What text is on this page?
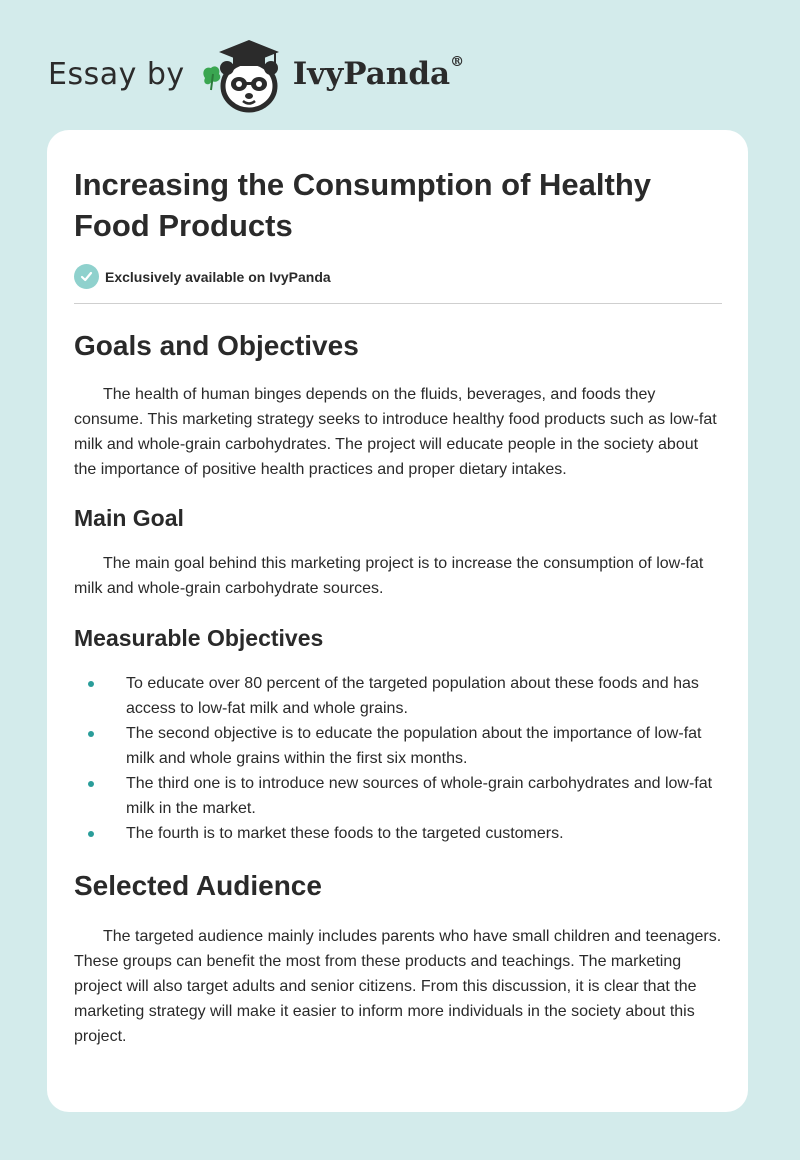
Essay by	IvyPanda®
Increasing the Consumption of Healthy Food Products
Exclusively available on IvyPanda
Goals and Objectives

The health of human binges depends on the fluids, beverages, and foods they consume. This marketing strategy seeks to introduce healthy food products such as low-fat milk and whole-grain carbohydrates. The project will educate people in the society about the importance of positive health practices and proper dietary intakes.

Main Goal

The main goal behind this marketing project is to increase the consumption of low-fat milk and whole-grain carbohydrate sources.

Measurable Objectives
To educate over 80 percent of the targeted population about these foods and has access to low-fat milk and whole grains.
The second objective is to educate the population about the importance of low-fat milk and whole grains within the first six months.
The third one is to introduce new sources of whole-grain carbohydrates and low-fat milk in the market.
The fourth is to market these foods to the targeted customers.
Selected Audience

The targeted audience mainly includes parents who have small children and teenagers. These groups can benefit the most from these products and teachings. The marketing project will also target adults and senior citizens. From this discussion, it is clear that the marketing strategy will make it easier to inform more individuals in the society about this project.
